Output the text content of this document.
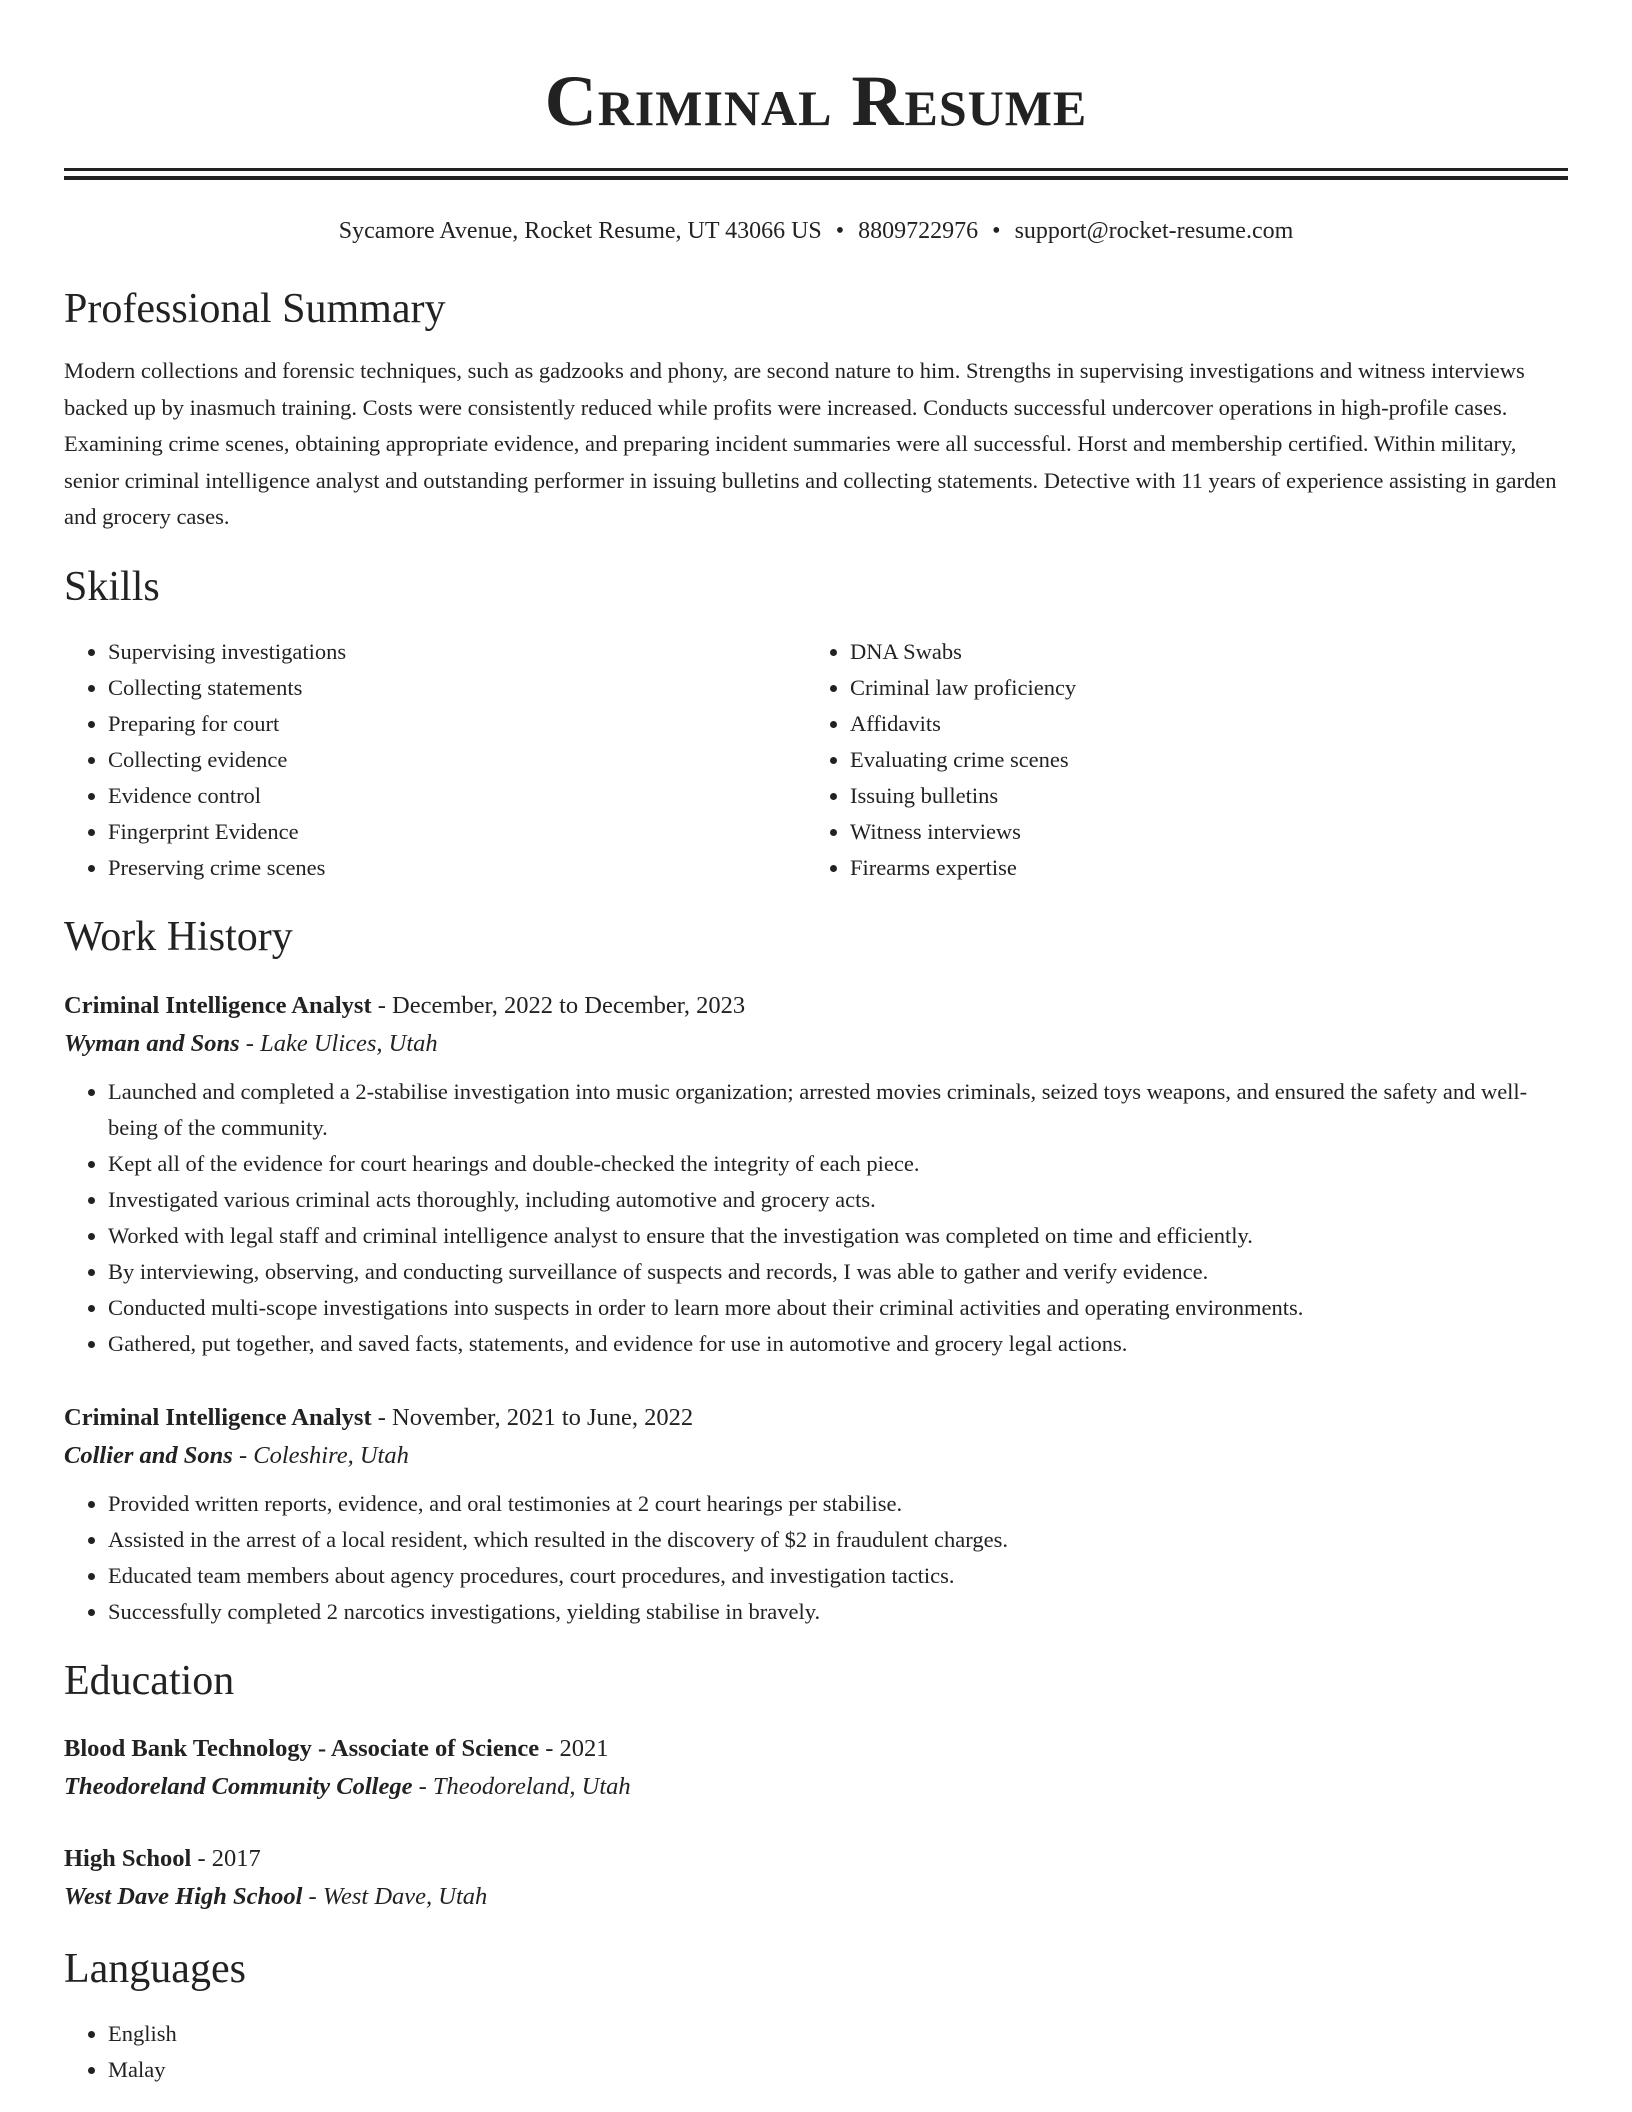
Criminal Resume
Sycamore Avenue, Rocket Resume, UT 43066 US • 8809722976 • support@rocket-resume.com
Professional Summary

Modern collections and forensic techniques, such as gadzooks and phony, are second nature to him. Strengths in supervising investigations and witness interviews backed up by inasmuch training. Costs were consistently reduced while profits were increased. Conducts successful undercover operations in high-profile cases. Examining crime scenes, obtaining appropriate evidence, and preparing incident summaries were all successful. Horst and membership certified. Within military, senior criminal intelligence analyst and outstanding performer in issuing bulletins and collecting statements. Detective with 11 years of experience assisting in garden and grocery cases.

Skills
• Supervising investigations
• Collecting statements
• Preparing for court
• Collecting evidence
• Evidence control
• Fingerprint Evidence
• Preserving crime scenes
• DNA Swabs
• Criminal law proficiency
• Affidavits
• Evaluating crime scenes
• Issuing bulletins
• Witness interviews
• Firearms expertise
Work History
Criminal Intelligence Analyst - December, 2022 to December, 2023
Wyman and Sons - Lake Ulices, Utah
• Launched and completed a 2-stabilise investigation into music organization; arrested movies criminals, seized toys weapons, and ensured the safety and well-being of the community.
• Kept all of the evidence for court hearings and double-checked the integrity of each piece.
• Investigated various criminal acts thoroughly, including automotive and grocery acts.
• Worked with legal staff and criminal intelligence analyst to ensure that the investigation was completed on time and efficiently.
• By interviewing, observing, and conducting surveillance of suspects and records, I was able to gather and verify evidence.
• Conducted multi-scope investigations into suspects in order to learn more about their criminal activities and operating environments.
• Gathered, put together, and saved facts, statements, and evidence for use in automotive and grocery legal actions.
Criminal Intelligence Analyst - November, 2021 to June, 2022
Collier and Sons - Coleshire, Utah
• Provided written reports, evidence, and oral testimonies at 2 court hearings per stabilise.
• Assisted in the arrest of a local resident, which resulted in the discovery of $2 in fraudulent charges.
• Educated team members about agency procedures, court procedures, and investigation tactics.
• Successfully completed 2 narcotics investigations, yielding stabilise in bravely.
Education
Blood Bank Technology - Associate of Science - 2021
Theodoreland Community College - Theodoreland, Utah
High School - 2017
West Dave High School - West Dave, Utah
Languages
• English
• Malay
